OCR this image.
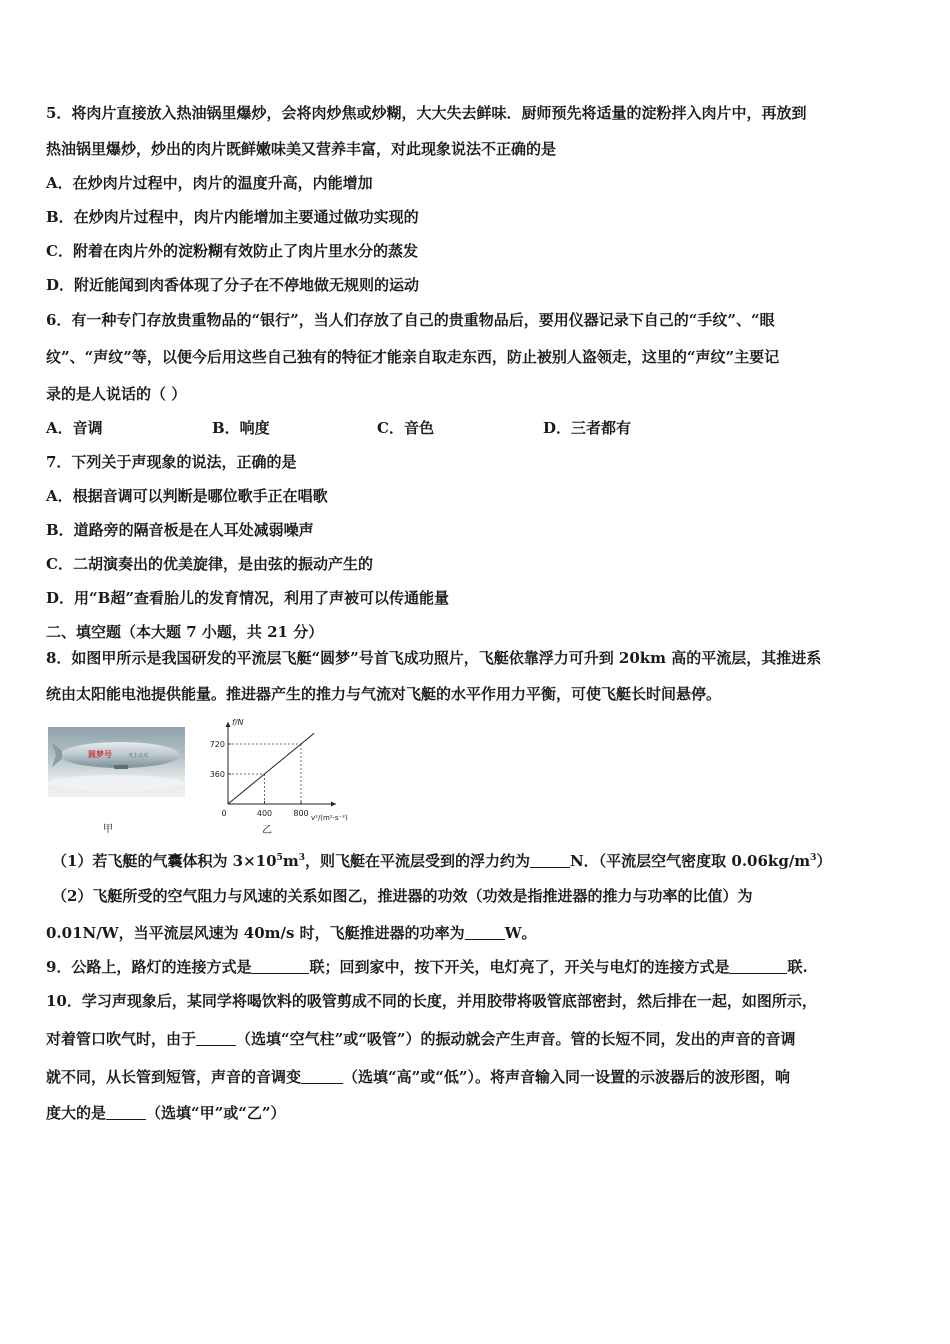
5．将肉片直接放入热油锅里爆炒，会将肉炒焦或炒糊，大大失去鲜味．厨师预先将适量的淀粉拌入肉片中，再放到
热油锅里爆炒，炒出的肉片既鲜嫩味美又营养丰富，对此现象说法不正确的是
A．在炒肉片过程中，肉片的温度升高，内能增加
B．在炒肉片过程中，肉片内能增加主要通过做功实现的
C．附着在肉片外的淀粉糊有效防止了肉片里水分的蒸发
D．附近能闻到肉香体现了分子在不停地做无规则的运动
6．有一种专门存放贵重物品的“银行”，当人们存放了自己的贵重物品后，要用仪器记录下自己的“手纹”、“眼
纹”、“声纹”等，以便今后用这些自己独有的特征才能亲自取走东西，防止被别人盗领走，这里的“声纹”主要记
录的是人说话的（ ）
A．音调	B．响度	C．音色	D．三者都有
7．下列关于声现象的说法，正确的是
A．根据音调可以判断是哪位歌手正在唱歌
B．道路旁的隔音板是在人耳处减弱噪声
C．二胡演奏出的优美旋律，是由弦的振动产生的
D．用“B超”查看胎儿的发育情况，利用了声被可以传通能量
二、填空题（本大题 7 小题，共 21 分）
8．如图甲所示是我国研发的平流层飞艇“圆梦”号首飞成功照片，飞艇依靠浮力可升到 20km 高的平流层，其推进系
统由太阳能电池提供能量。推进器产生的推力与气流对飞艇的水平作用力平衡，可使飞艇长时间悬停。
圆梦号	天上云天
甲
f/N
v²/(m²·s⁻²)
0	400	800
360
720
乙
（1）若飞艇的气囊体积为 $3\times 10^5m^3$，则飞艇在平流层受到的浮力约为	N．（平流层空气密度取 $0.06kg/m^3$）
（2）飞艇所受的空气阻力与风速的关系如图乙，推进器的功效（功效是指推进器的推力与功率的比值）为
0.01N/W，当平流层风速为 40m/s 时，飞艇推进器的功率为	W。
9．公路上，路灯的连接方式是	联；回到家中，按下开关，电灯亮了，开关与电灯的连接方式是	联.
10．学习声现象后，某同学将喝饮料的吸管剪成不同的长度，并用胶带将吸管底部密封，然后排在一起，如图所示，
对着管口吹气时，由于	（选填“空气柱”或“吸管”）的振动就会产生声音。管的长短不同，发出的声音的音调
就不同，从长管到短管，声音的音调变	（选填“高”或“低”）。将声音输入同一设置的示波器后的波形图，响
度大的是	（选填“甲”或“乙”）
